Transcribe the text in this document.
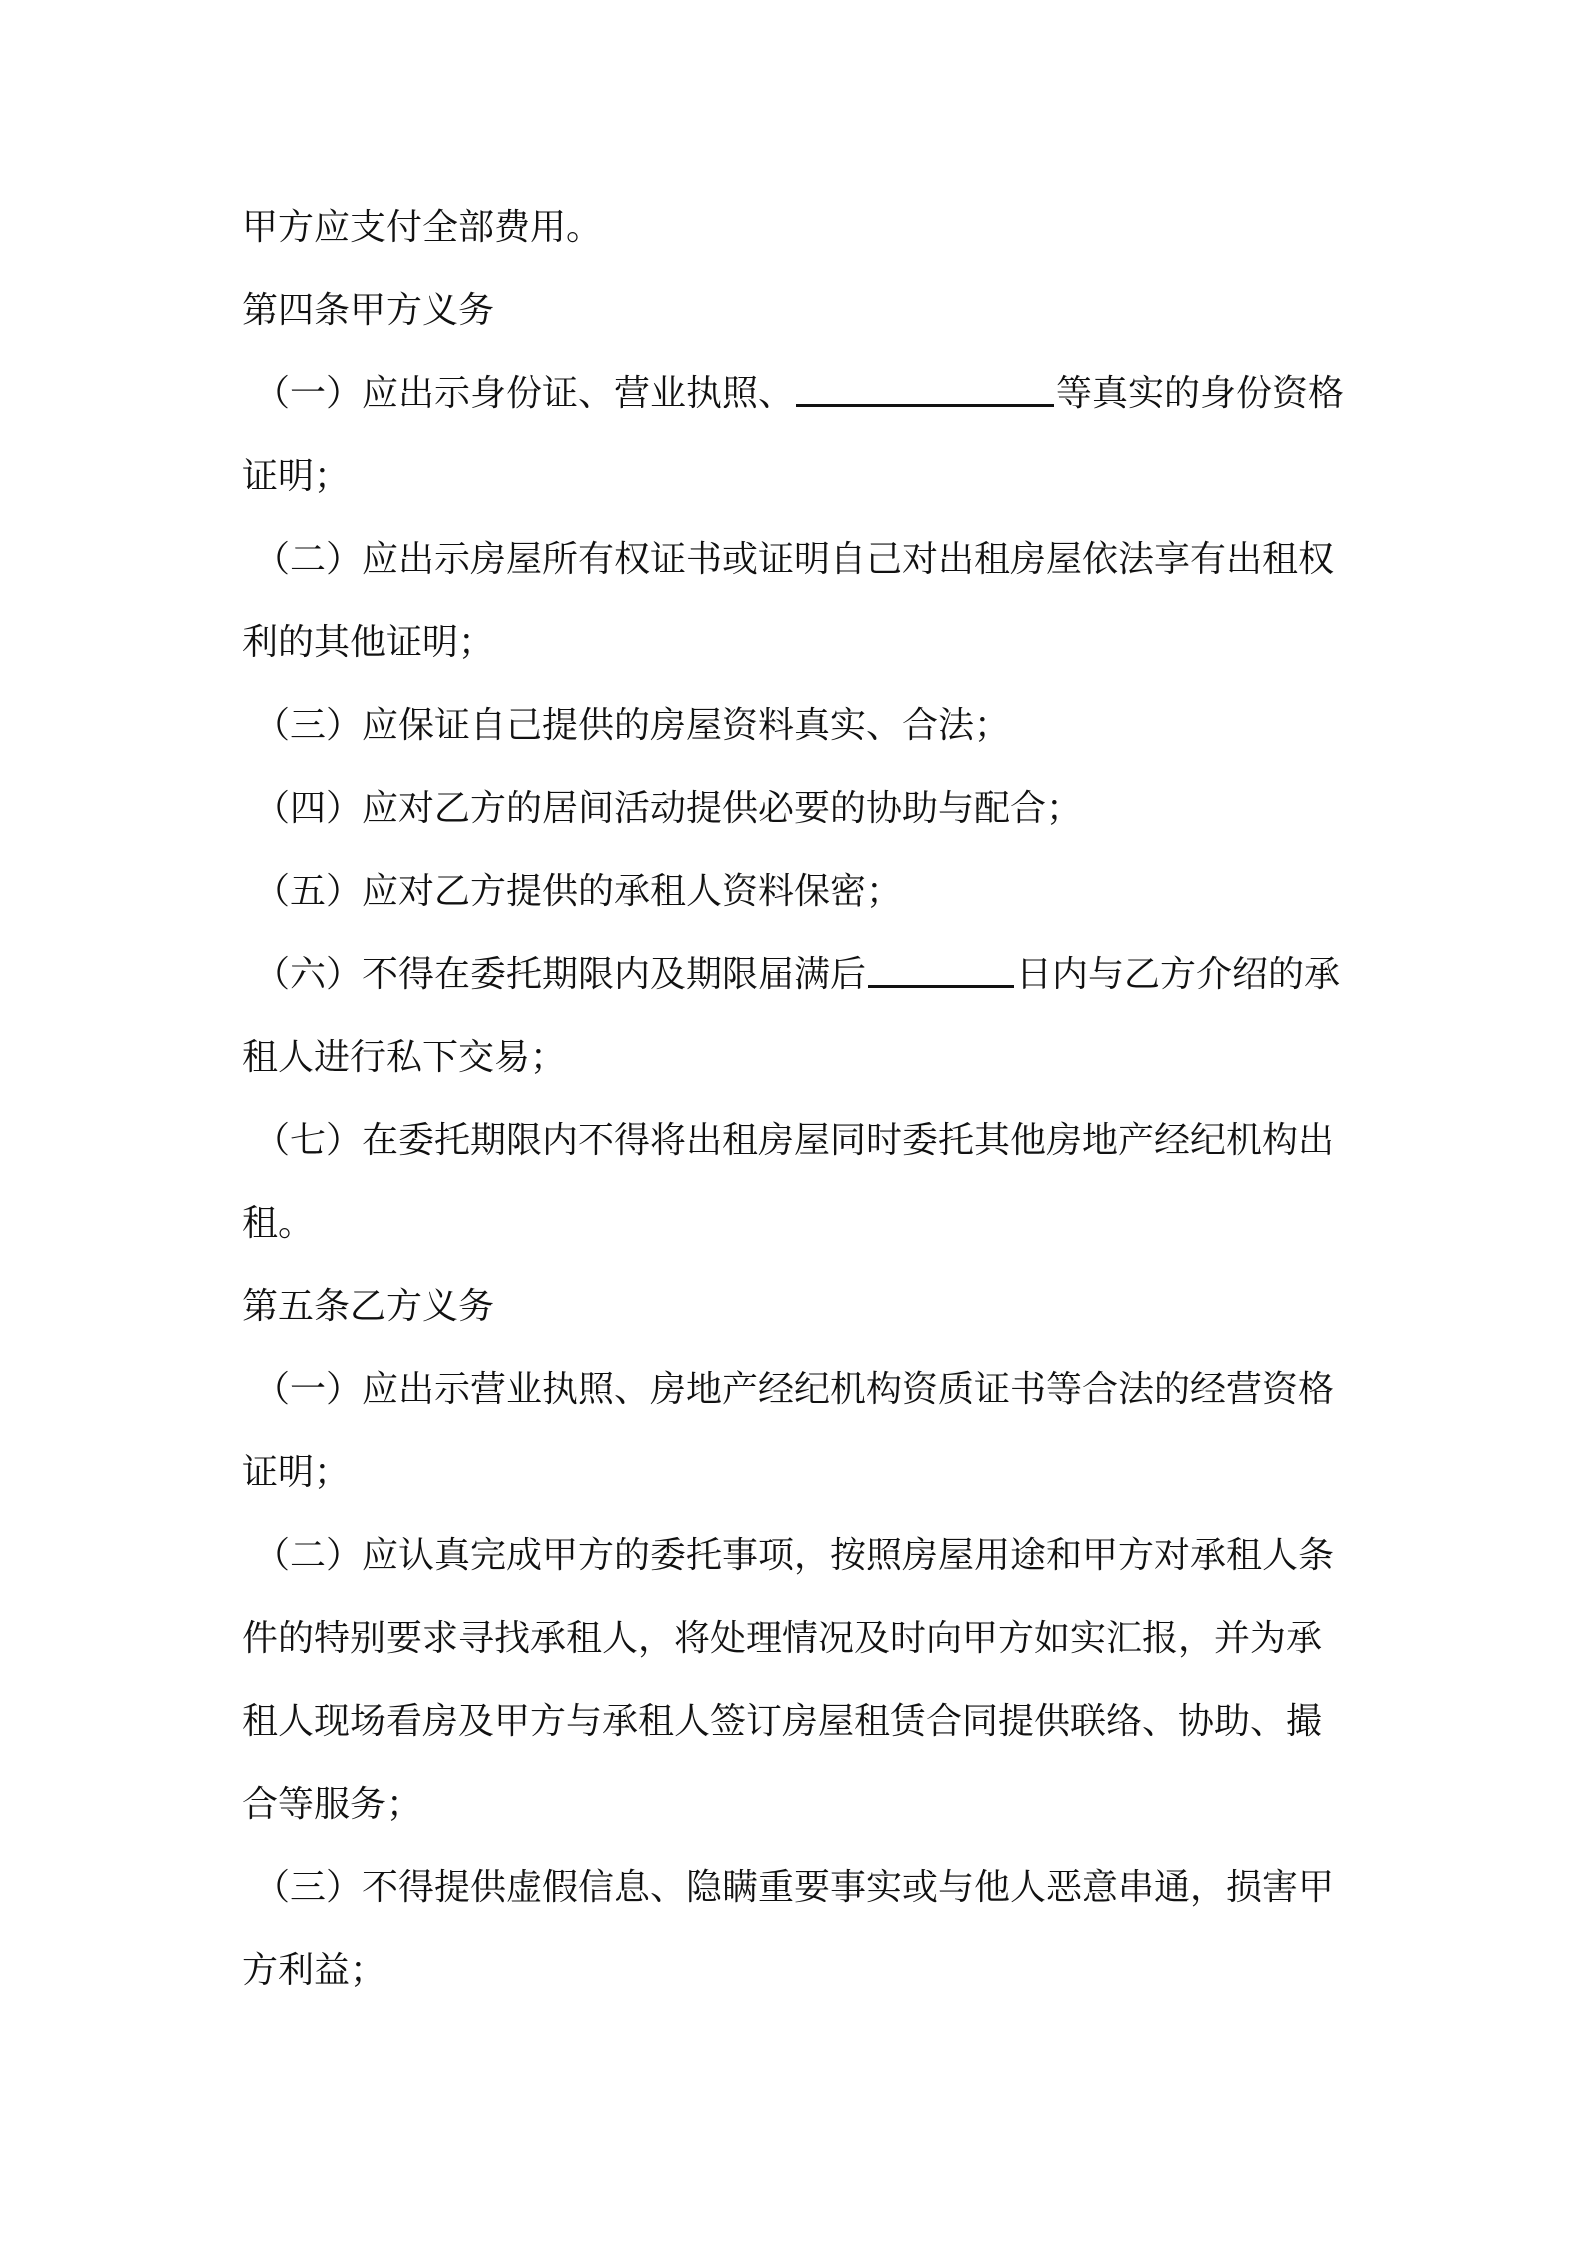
甲方应支付全部费用。
第四条甲方义务
（一）应出示身份证、营业执照、	等真实的身份资格
证明；
（二）应出示房屋所有权证书或证明自己对出租房屋依法享有出租权
利的其他证明；
（三）应保证自己提供的房屋资料真实、合法；
（四）应对乙方的居间活动提供必要的协助与配合；
（五）应对乙方提供的承租人资料保密；
（六）不得在委托期限内及期限届满后	日内与乙方介绍的承
租人进行私下交易；
（七）在委托期限内不得将出租房屋同时委托其他房地产经纪机构出
租。
第五条乙方义务
（一）应出示营业执照、房地产经纪机构资质证书等合法的经营资格
证明；
（二）应认真完成甲方的委托事项，按照房屋用途和甲方对承租人条
件的特别要求寻找承租人，将处理情况及时向甲方如实汇报，并为承
租人现场看房及甲方与承租人签订房屋租赁合同提供联络、协助、撮
合等服务；
（三）不得提供虚假信息、隐瞒重要事实或与他人恶意串通，损害甲
方利益；
